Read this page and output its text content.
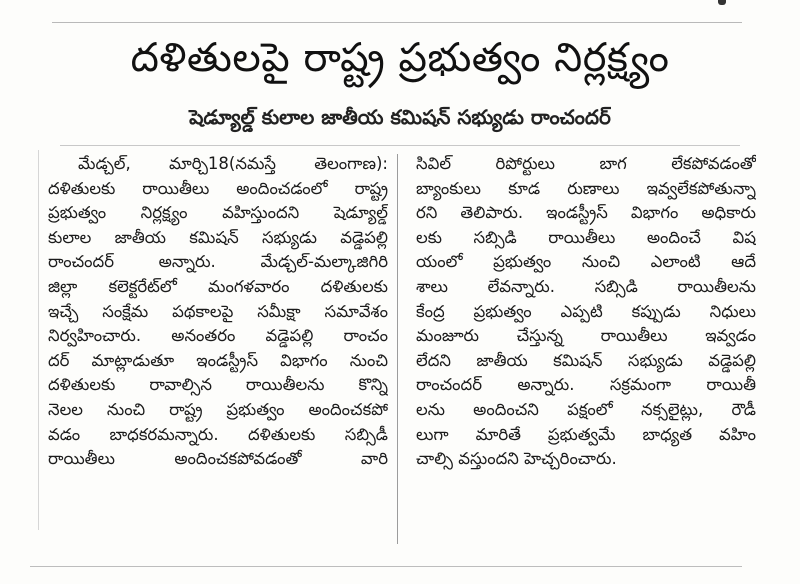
దళితులపై రాష్ట్ర ప్రభుత్వం నిర్లక్ష్యం
షెడ్యూల్డ్ కులాల జాతీయ కమిషన్ సభ్యుడు రాంచందర్
మేడ్చల్, మార్చి18(నమస్తే తెలంగాణ):
దళితులకు రాయితీలు అందించడంలో రాష్ట్ర
ప్రభుత్వం నిర్లక్ష్యం వహిస్తుందని షెడ్యూల్డ్
కులాల జాతీయ కమిషన్ సభ్యుడు వడ్డెపల్లి
రాంచందర్ అన్నారు. మేడ్చల్-మల్కాజిగిరి
జిల్లా కలెక్టరేట్‌లో మంగళవారం దళితులకు
ఇచ్చే సంక్షేమ పథకాలపై సమీక్షా సమావేశం
నిర్వహించారు. అనంతరం వడ్డెపల్లి రాంచం
దర్ మాట్లాడుతూ ఇండస్ట్రీస్ విభాగం నుంచి
దళితులకు రావాల్సిన రాయితీలను కొన్ని
నెలల నుంచి రాష్ట్ర ప్రభుత్వం అందించకపో
వడం బాధకరమన్నారు. దళితులకు సబ్సిడీ
రాయితీలు అందించకపోవడంతో వారి
సివిల్ రిపోర్టులు బాగ లేకపోవడంతో
బ్యాంకులు కూడ రుణాలు ఇవ్వలేకపోతున్నా
రని తెలిపారు. ఇండస్ట్రీస్ విభాగం అధికారు
లకు సబ్సిడి రాయితీలు అందించే విష
యంలో ప్రభుత్వం నుంచి ఎలాంటి ఆదే
శాలు లేవన్నారు. సబ్సిడి రాయితీలను
కేంద్ర ప్రభుత్వం ఎప్పటి కప్పుడు నిధులు
మంజూరు చేస్తున్న రాయితీలు ఇవ్వడం
లేదని జాతీయ కమిషన్ సభ్యుడు వడ్డెపల్లి
రాంచందర్ అన్నారు. సక్రమంగా రాయితీ
లను అందించని పక్షంలో నక్సలైట్లు, రౌడీ
లుగా మారితే ప్రభుత్వమే బాధ్యత వహిం
చాల్సి వస్తుందని హెచ్చరించారు.
